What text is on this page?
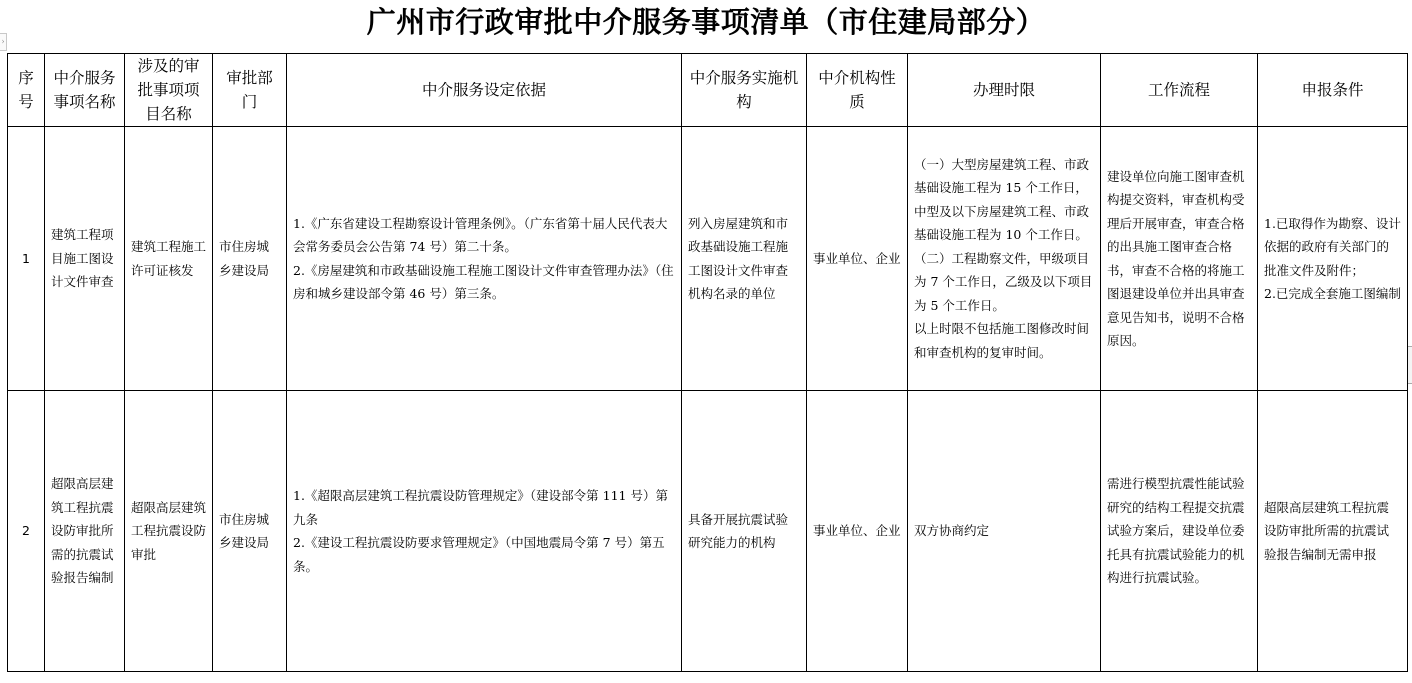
广州市行政审批中介服务事项清单（市住建局部分）
›
序号	中介服务事项名称	涉及的审批事项项目名称	审批部门	中介服务设定依据	中介服务实施机构	中介机构性质	办理时限	工作流程	申报条件
1	建筑工程项目施工图设计文件审查	建筑工程施工许可证核发	市住房城乡建设局	1.《广东省建设工程勘察设计管理条例》。（广东省第十届人民代表大会常务委员会公告第 74 号）第二十条。
2.《房屋建筑和市政基础设施工程施工图设计文件审查管理办法》（住房和城乡建设部令第 46 号）第三条。	列入房屋建筑和市政基础设施工程施工图设计文件审查机构名录的单位	事业单位、企业	（一）大型房屋建筑工程、市政基础设施工程为 15 个工作日，中型及以下房屋建筑工程、市政基础设施工程为 10 个工作日。
（二）工程勘察文件，甲级项目为 7 个工作日，乙级及以下项目为 5 个工作日。
以上时限不包括施工图修改时间和审查机构的复审时间。	建设单位向施工图审查机构提交资料，审查机构受理后开展审查，审查合格的出具施工图审查合格书，审查不合格的将施工图退建设单位并出具审查意见告知书，说明不合格原因。	1.已取得作为勘察、设计依据的政府有关部门的批准文件及附件；
2.已完成全套施工图编制

2	超限高层建筑工程抗震设防审批所需的抗震试验报告编制	超限高层建筑工程抗震设防审批	市住房城乡建设局	1.《超限高层建筑工程抗震设防管理规定》（建设部令第 111 号）第九条
2.《建设工程抗震设防要求管理规定》（中国地震局令第 7 号）第五条。	具备开展抗震试验研究能力的机构	事业单位、企业	双方协商约定	需进行模型抗震性能试验研究的结构工程提交抗震试验方案后，建设单位委托具有抗震试验能力的机构进行抗震试验。	超限高层建筑工程抗震设防审批所需的抗震试验报告编制无需申报
